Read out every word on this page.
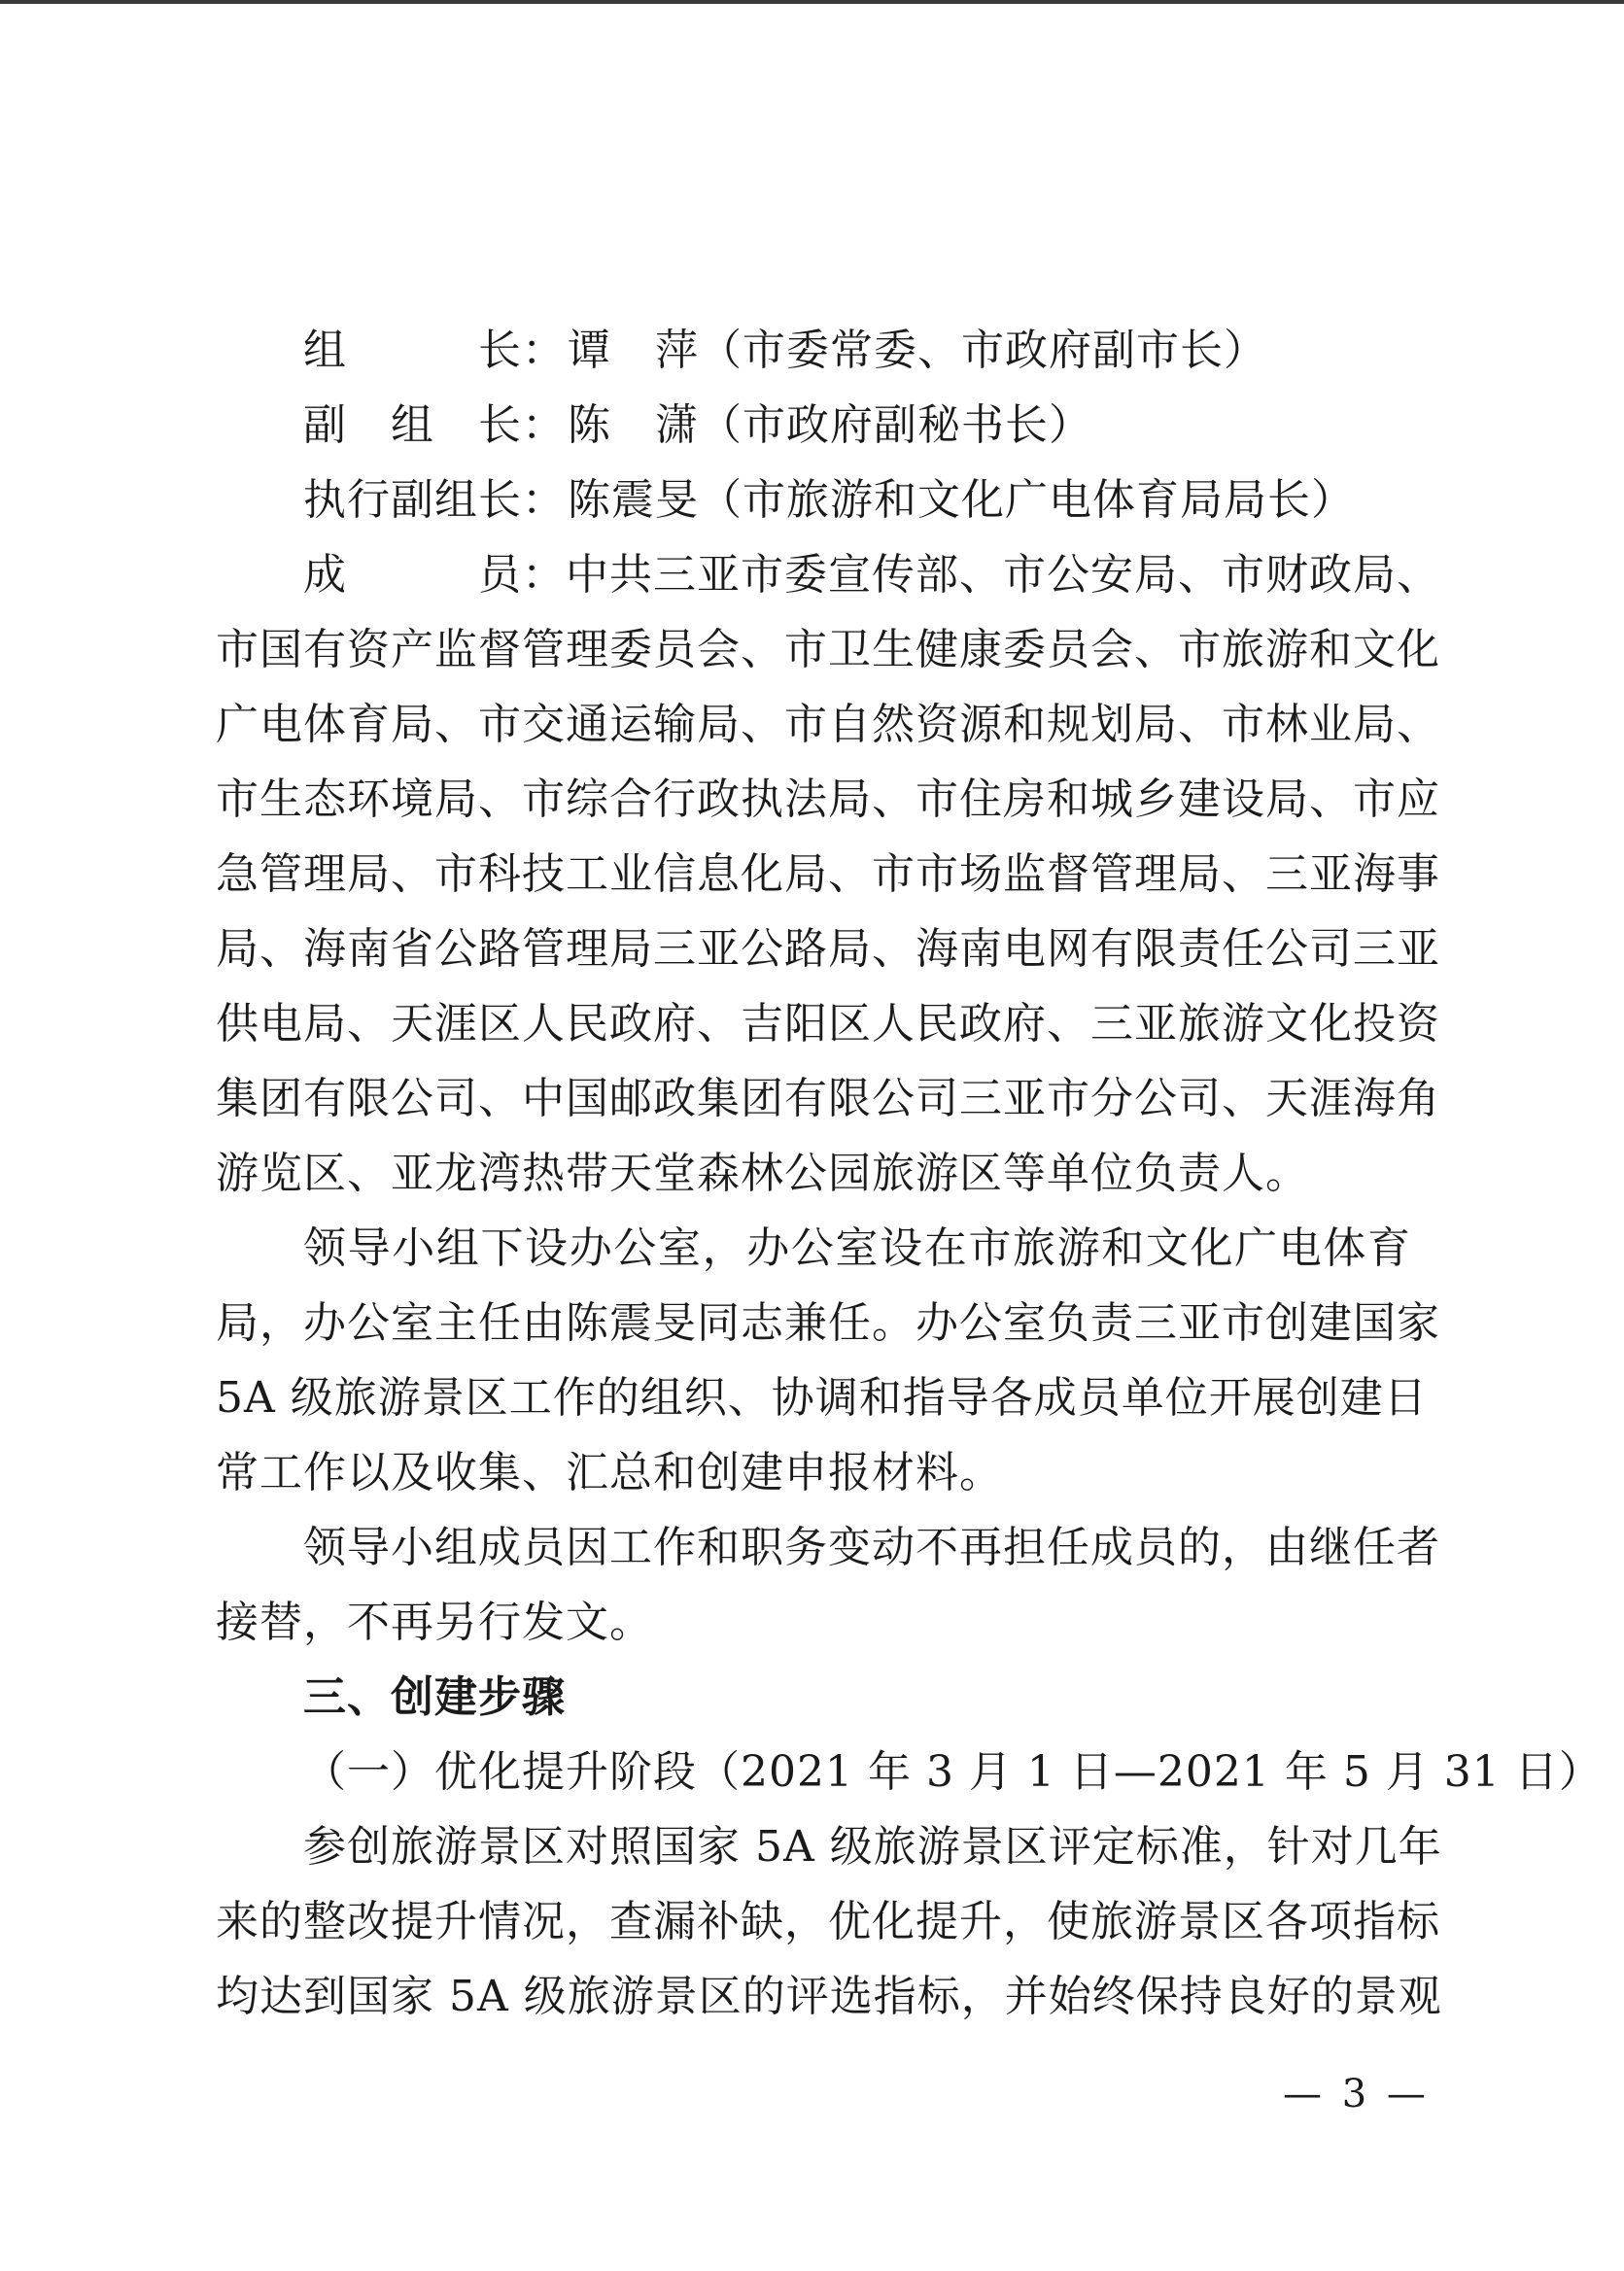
组　　　长： 谭　萍（市委常委、市政府副市长）
副　组　长： 陈　潇（市政府副秘书长）
执行副组长： 陈震旻（市旅游和文化广电体育局局长）
成　　　员： 中共三亚市委宣传部、市公安局、市财政局、
市国有资产监督管理委员会、市卫生健康委员会、市旅游和文化
广电体育局、市交通运输局、市自然资源和规划局、市林业局、
市生态环境局、市综合行政执法局、市住房和城乡建设局、市应
急管理局、市科技工业信息化局、市市场监督管理局、三亚海事
局、海南省公路管理局三亚公路局、海南电网有限责任公司三亚
供电局、天涯区人民政府、吉阳区人民政府、三亚旅游文化投资
集团有限公司、中国邮政集团有限公司三亚市分公司、天涯海角
游览区、亚龙湾热带天堂森林公园旅游区等单位负责人。
领导小组下设办公室，办公室设在市旅游和文化广电体育
局，办公室主任由陈震旻同志兼任。办公室负责三亚市创建国家
5A 级旅游景区工作的组织、协调和指导各成员单位开展创建日
常工作以及收集、汇总和创建申报材料。
领导小组成员因工作和职务变动不再担任成员的，由继任者
接替，不再另行发文。
三、创建步骤
（一）优化提升阶段（2021 年 3 月 1 日—2021 年 5 月 31 日）
参创旅游景区对照国家 5A 级旅游景区评定标准，针对几年
来的整改提升情况，查漏补缺，优化提升，使旅游景区各项指标
均达到国家 5A 级旅游景区的评选指标，并始终保持良好的景观
— 3 —
